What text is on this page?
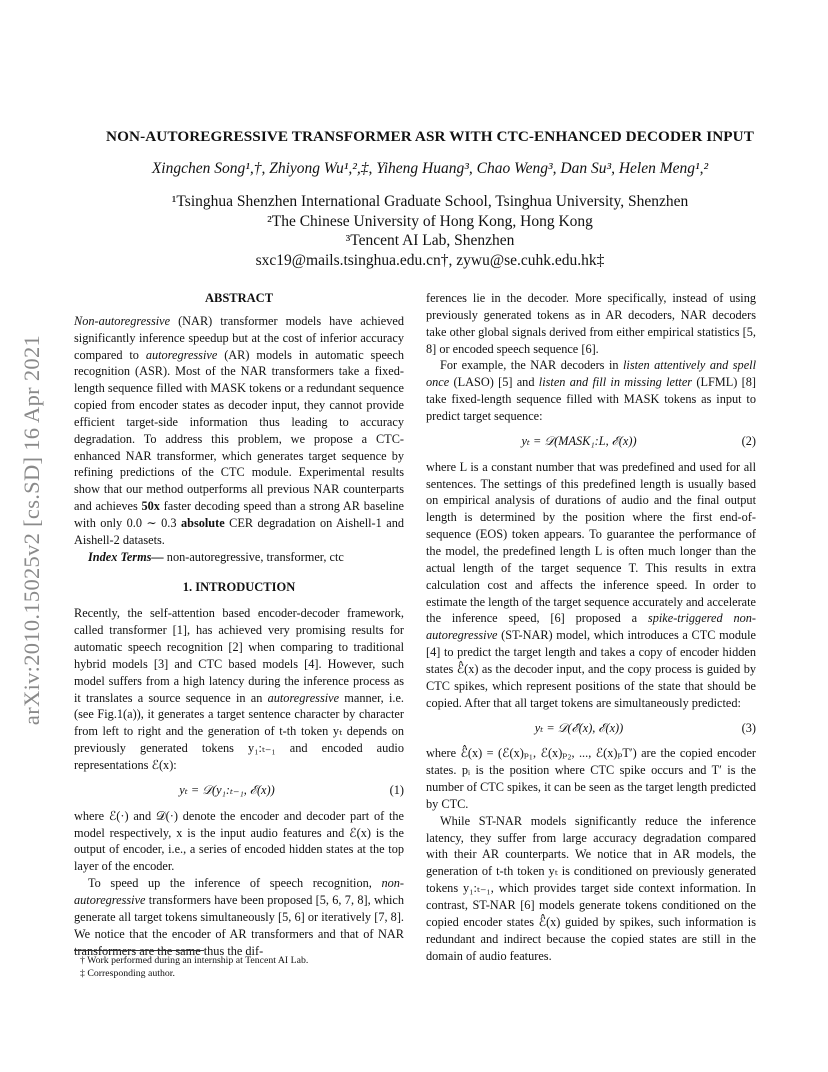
arXiv:2010.15025v2 [cs.SD] 16 Apr 2021
NON-AUTOREGRESSIVE TRANSFORMER ASR WITH CTC-ENHANCED DECODER INPUT
Xingchen Song¹,†, Zhiyong Wu¹,²,‡, Yiheng Huang³, Chao Weng³, Dan Su³, Helen Meng¹,²
¹Tsinghua Shenzhen International Graduate School, Tsinghua University, Shenzhen
²The Chinese University of Hong Kong, Hong Kong
³Tencent AI Lab, Shenzhen
sxc19@mails.tsinghua.edu.cn†, zywu@se.cuhk.edu.hk‡
ABSTRACT

Non-autoregressive (NAR) transformer models have achieved significantly inference speedup but at the cost of inferior accuracy compared to autoregressive (AR) models in automatic speech recognition (ASR). Most of the NAR transformers take a fixed-length sequence filled with MASK tokens or a redundant sequence copied from encoder states as decoder input, they cannot provide efficient target-side information thus leading to accuracy degradation. To address this problem, we propose a CTC-enhanced NAR transformer, which generates target sequence by refining predictions of the CTC module. Experimental results show that our method outperforms all previous NAR counterparts and achieves 50x faster decoding speed than a strong AR baseline with only 0.0 ∼ 0.3 absolute CER degradation on Aishell-1 and Aishell-2 datasets.

Index Terms— non-autoregressive, transformer, ctc

1. INTRODUCTION

Recently, the self-attention based encoder-decoder framework, called transformer [1], has achieved very promising results for automatic speech recognition [2] when comparing to traditional hybrid models [3] and CTC based models [4]. However, such model suffers from a high latency during the inference process as it translates a source sequence in an autoregressive manner, i.e.(see Fig.1(a)), it generates a target sentence character by character from left to right and the generation of t-th token yₜ depends on previously generated tokens y₁:ₜ₋₁ and encoded audio representations ℰ(x):

yₜ = 𝒟(y₁:ₜ₋₁, ℰ(x))	(1)

where ℰ(·) and 𝒟(·) denote the encoder and decoder part of the model respectively, x is the input audio features and ℰ(x) is the output of encoder, i.e., a series of encoded hidden states at the top layer of the encoder.

To speed up the inference of speech recognition, non-autoregressive transformers have been proposed [5, 6, 7, 8], which generate all target tokens simultaneously [5, 6] or iteratively [7, 8]. We notice that the encoder of AR transformers and that of NAR transformers are the same thus the dif-

† Work performed during an internship at Tencent AI Lab.
‡ Corresponding author.

ferences lie in the decoder. More specifically, instead of using previously generated tokens as in AR decoders, NAR decoders take other global signals derived from either empirical statistics [5, 8] or encoded speech sequence [6].

For example, the NAR decoders in listen attentively and spell once (LASO) [5] and listen and fill in missing letter (LFML) [8] take fixed-length sequence filled with MASK tokens as input to predict target sequence:

yₜ = 𝒟(MASK₁:L, ℰ(x))	(2)

where L is a constant number that was predefined and used for all sentences. The settings of this predefined length is usually based on empirical analysis of durations of audio and the final output length is determined by the position where the first end-of-sequence (EOS) token appears. To guarantee the performance of the model, the predefined length L is often much longer than the actual length of the target sequence T. This results in extra calculation cost and affects the inference speed. In order to estimate the length of the target sequence accurately and accelerate the inference speed, [6] proposed a spike-triggered non-autoregressive (ST-NAR) model, which introduces a CTC module [4] to predict the target length and takes a copy of encoder hidden states ℰ̂(x) as the decoder input, and the copy process is guided by CTC spikes, which represent positions of the state that should be copied. After that all target tokens are simultaneously predicted:

yₜ = 𝒟(ℰ̂(x), ℰ(x))	(3)

where ℰ̂(x) = (ℰ(x)ₚ₁, ℰ(x)ₚ₂, ..., ℰ(x)ₚT′) are the copied encoder states. pᵢ is the position where CTC spike occurs and T′ is the number of CTC spikes, it can be seen as the target length predicted by CTC.

While ST-NAR models significantly reduce the inference latency, they suffer from large accuracy degradation compared with their AR counterparts. We notice that in AR models, the generation of t-th token yₜ is conditioned on previously generated tokens y₁:ₜ₋₁, which provides target side context information. In contrast, ST-NAR [6] models generate tokens conditioned on the copied encoder states ℰ̂(x) guided by spikes, such information is redundant and indirect because the copied states are still in the domain of audio features.
